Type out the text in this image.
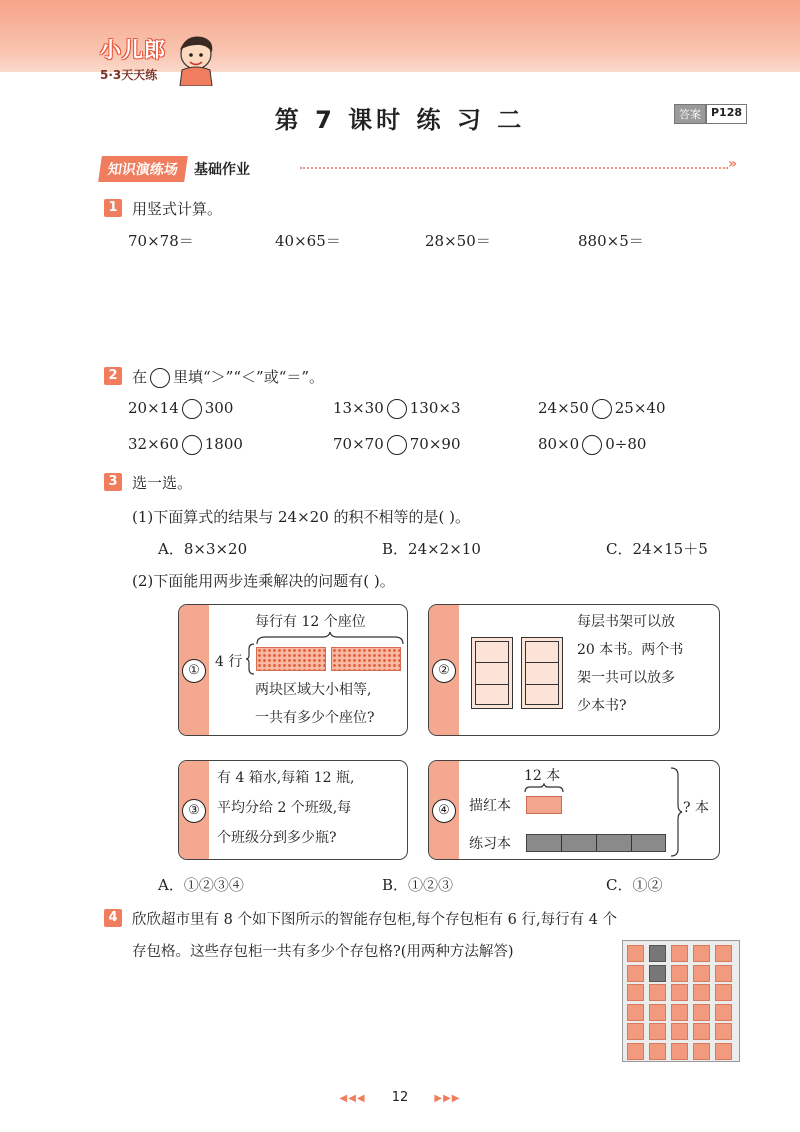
小儿郎
5·3天天练
第 7 课时 练 习 二	答案 P128
知识演练场	基础作业	»
1 用竖式计算。
70×78＝	40×65＝	28×50＝	880×5＝
2 在 里填“＞”“＜”或“＝”。
20×14 300	13×30 130×3	24×50 25×40
32×60 1800	70×70 70×90	80×0 0÷80
3 选一选。
(1)下面算式的结果与 24×20 的积不相等的是( )。
A．8×3×20	B．24×2×10	C．24×15＋5
(2)下面能用两步连乘解决的问题有( )。
①
每行有 12 个座位
4 行
两块区域大小相等,
一共有多少个座位?
②
每层书架可以放
20 本书。两个书
架一共可以放多
少本书?
③
有 4 箱水,每箱 12 瓶,
平均分给 2 个班级,每
个班级分到多少瓶?
④
12 本
描红本
练习本
? 本
A．①②③④	B．①②③	C．①②
4 欣欣超市里有 8 个如下图所示的智能存包柜,每个存包柜有 6 行,每行有 4 个
存包格。这些存包柜一共有多少个存包格?(用两种方法解答)
◀◀◀ 12	▶▶▶
